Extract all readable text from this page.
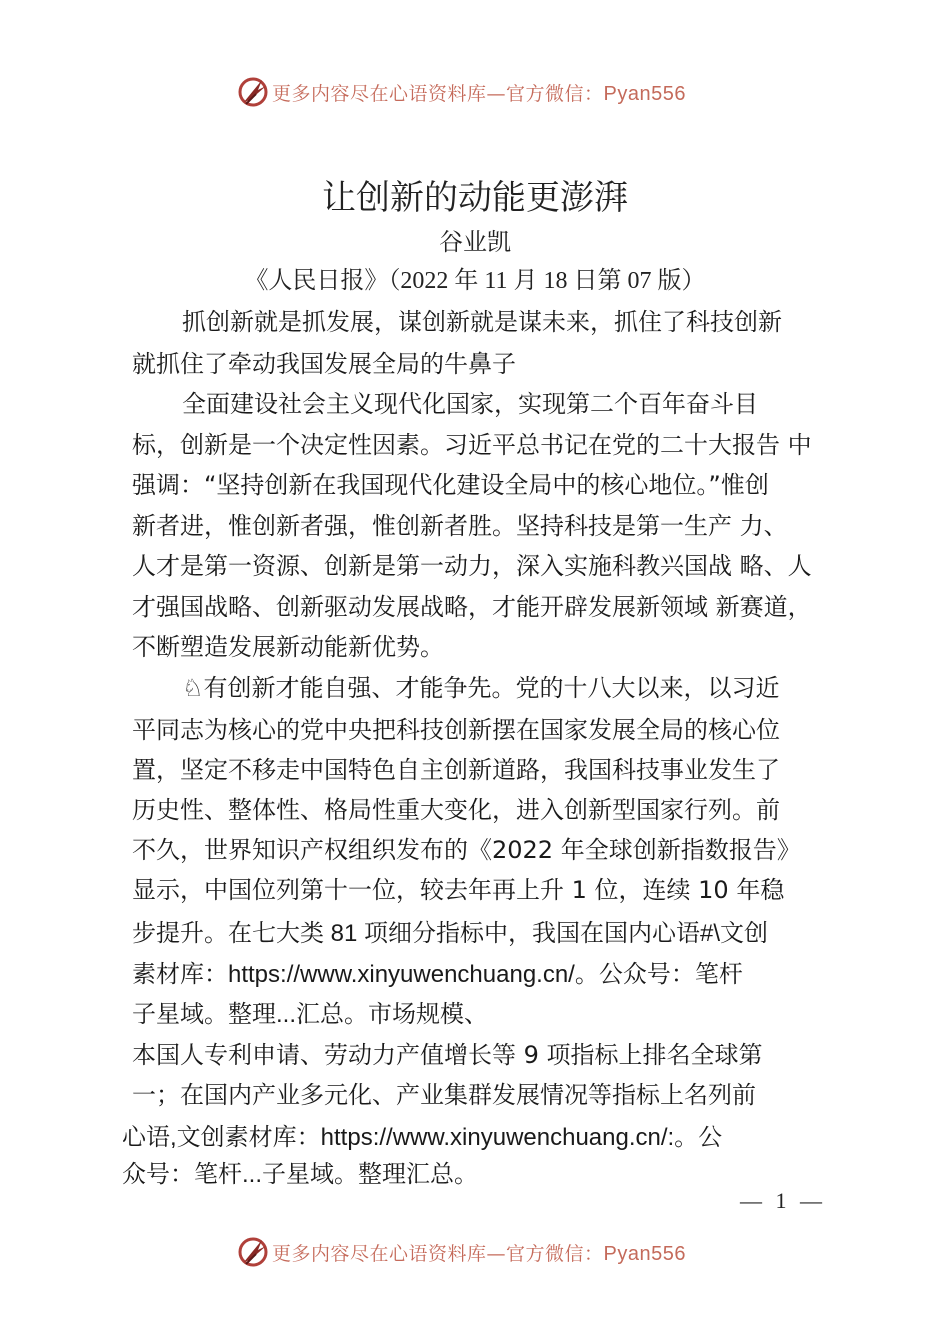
更多内容尽在心语资料库—官方微信：Pyan556
让创新的动能更澎湃
谷业凯
《人民日报》（2022 年 11 月 18 日第 07 版）
抓创新就是抓发展，谋创新就是谋未来，抓住了科技创新
就抓住了牵动我国发展全局的牛鼻子
全面建设社会主义现代化国家，实现第二个百年奋斗目
标，创新是一个决定性因素。习近平总书记在党的二十大报告 中
强调：“坚持创新在我国现代化建设全局中的核心地位。”惟创
新者进，惟创新者强，惟创新者胜。坚持科技是第一生产 力、
人才是第一资源、创新是第一动力，深入实施科教兴国战 略、人
才强国战略、创新驱动发展战略，才能开辟发展新领域 新赛道，
不断塑造发展新动能新优势。
♘有创新才能自强、才能争先。党的十八大以来，以习近
平同志为核心的党中央把科技创新摆在国家发展全局的核心位
置，坚定不移走中国特色自主创新道路，我国科技事业发生了
历史性、整体性、格局性重大变化，进入创新型国家行列。前
不久，世界知识产权组织发布的《2022 年全球创新指数报告》
显示，中国位列第十一位，较去年再上升 1 位，连续 10 年稳
步提升。在七大类 81 项细分指标中，我国在国内心语#\文创
素材库：https://www.xinyuwenchuang.cn/。公众号：笔杆
子星域。整理...汇总。市场规模、
本国人专利申请、劳动力产值增长等 9 项指标上排名全球第
一；在国内产业多元化、产业集群发展情况等指标上名列前
心语,文创素材库：https://www.xinyuwenchuang.cn/:。公
众号：笔杆...子星域。整理汇总。
— 1 —
更多内容尽在心语资料库—官方微信：Pyan556
